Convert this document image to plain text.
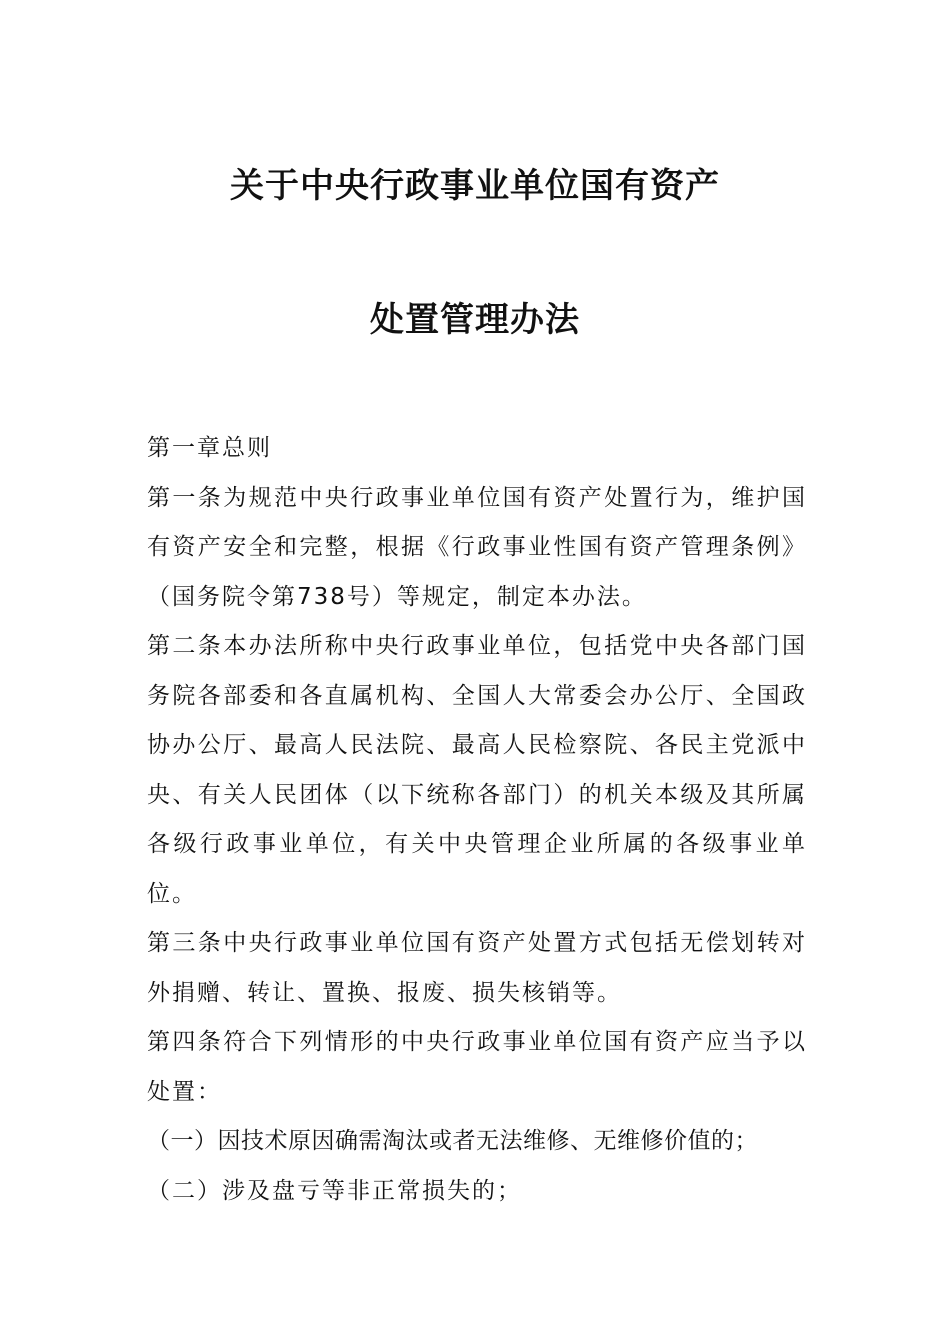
关于中央行政事业单位国有资产
处置管理办法

第一章总则

第一条为规范中央行政事业单位国有资产处置行为，维护国有资产安全和完整，根据《行政事业性国有资产管理条例》（国务院令第738号）等规定，制定本办法。

第二条本办法所称中央行政事业单位，包括党中央各部门国务院各部委和各直属机构、全国人大常委会办公厅、全国政协办公厅、最高人民法院、最高人民检察院、各民主党派中央、有关人民团体（以下统称各部门）的机关本级及其所属各级行政事业单位，有关中央管理企业所属的各级事业单位。

第三条中央行政事业单位国有资产处置方式包括无偿划转对外捐赠、转让、置换、报废、损失核销等。

第四条符合下列情形的中央行政事业单位国有资产应当予以处置：

（一）因技术原因确需淘汰或者无法维修、无维修价值的；

（二）涉及盘亏等非正常损失的；
